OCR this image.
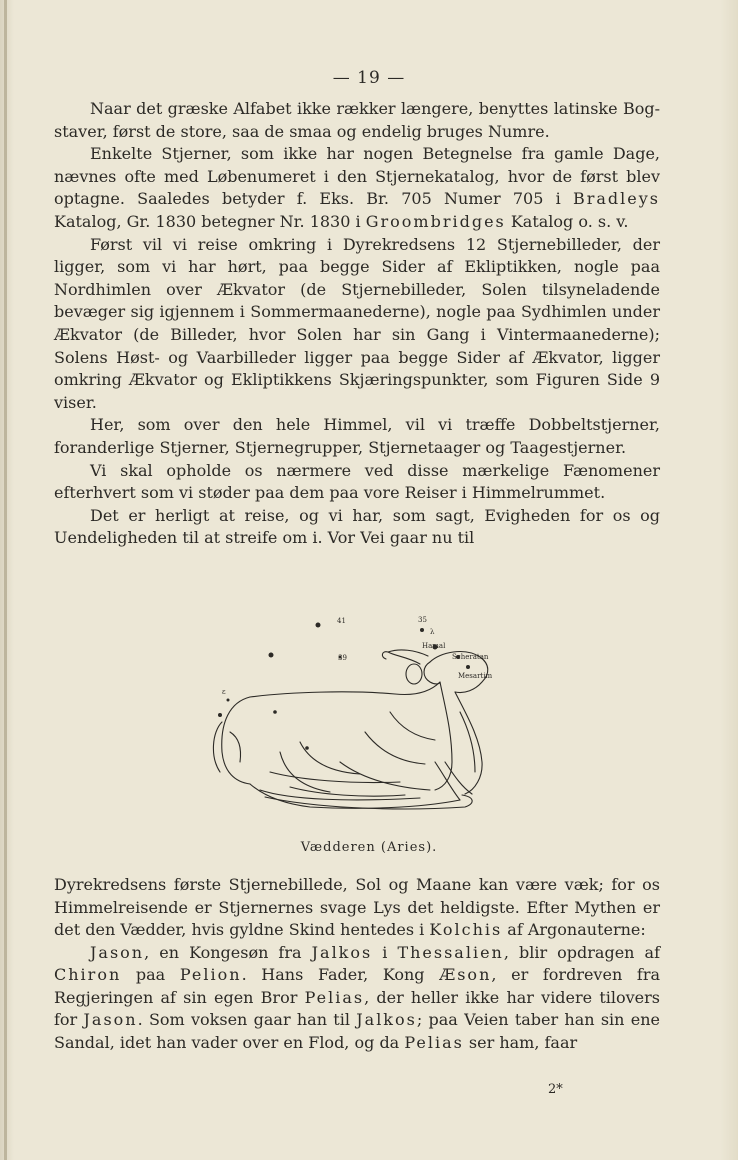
— 19 —

Naar det græske Alfabet ikke rækker længere, benyttes latinske Bog-staver, først de store, saa de smaa og endelig bruges Numre.

Enkelte Stjerner, som ikke har nogen Betegnelse fra gamle Dage, nævnes ofte med Løbenumeret i den Stjernekatalog, hvor de først blev optagne. Saaledes betyder f. Eks. Br. 705 Numer 705 i Bradleys Katalog, Gr. 1830 betegner Nr. 1830 i Groombridges Katalog o. s. v.

Først vil vi reise omkring i Dyrekredsens 12 Stjernebilleder, der ligger, som vi har hørt, paa begge Sider af Ekliptikken, nogle paa Nordhimlen over Ækvator (de Stjernebilleder, Solen tilsyneladende bevæger sig igjennem i Sommermaanederne), nogle paa Sydhimlen under Ækvator (de Billeder, hvor Solen har sin Gang i Vintermaanederne); Solens Høst- og Vaarbilleder ligger paa begge Sider af Ækvator, ligger omkring Ækvator og Ekliptikkens Skjæringspunkter, som Figuren Side 9 viser.

Her, som over den hele Himmel, vil vi træffe Dobbeltstjerner, foranderlige Stjerner, Stjernegrupper, Stjernetaager og Taagestjerner.

Vi skal opholde os nærmere ved disse mærkelige Fænomener efterhvert som vi støder paa dem paa vore Reiser i Himmelrummet.

Det er herligt at reise, og vi har, som sagt, Evigheden for os og Uendeligheden til at streife om i. Vor Vei gaar nu til

41	35
39
λ
ε
Hamal
Scheratan
Mesartim
Vædderen (Aries).

Dyrekredsens første Stjernebillede, Sol og Maane kan være væk; for os Himmelreisende er Stjernernes svage Lys det heldigste. Efter Mythen er det den Vædder, hvis gyldne Skind hentedes i Kolchis af Argonauterne:

Jason, en Kongesøn fra Jalkos i Thessalien, blir opdragen af Chiron paa Pelion. Hans Fader, Kong Æson, er fordreven fra Regjeringen af sin egen Bror Pelias, der heller ikke har videre tilovers for Jason. Som voksen gaar han til Jalkos; paa Veien taber han sin ene Sandal, idet han vader over en Flod, og da Pelias ser ham, faar

2*
